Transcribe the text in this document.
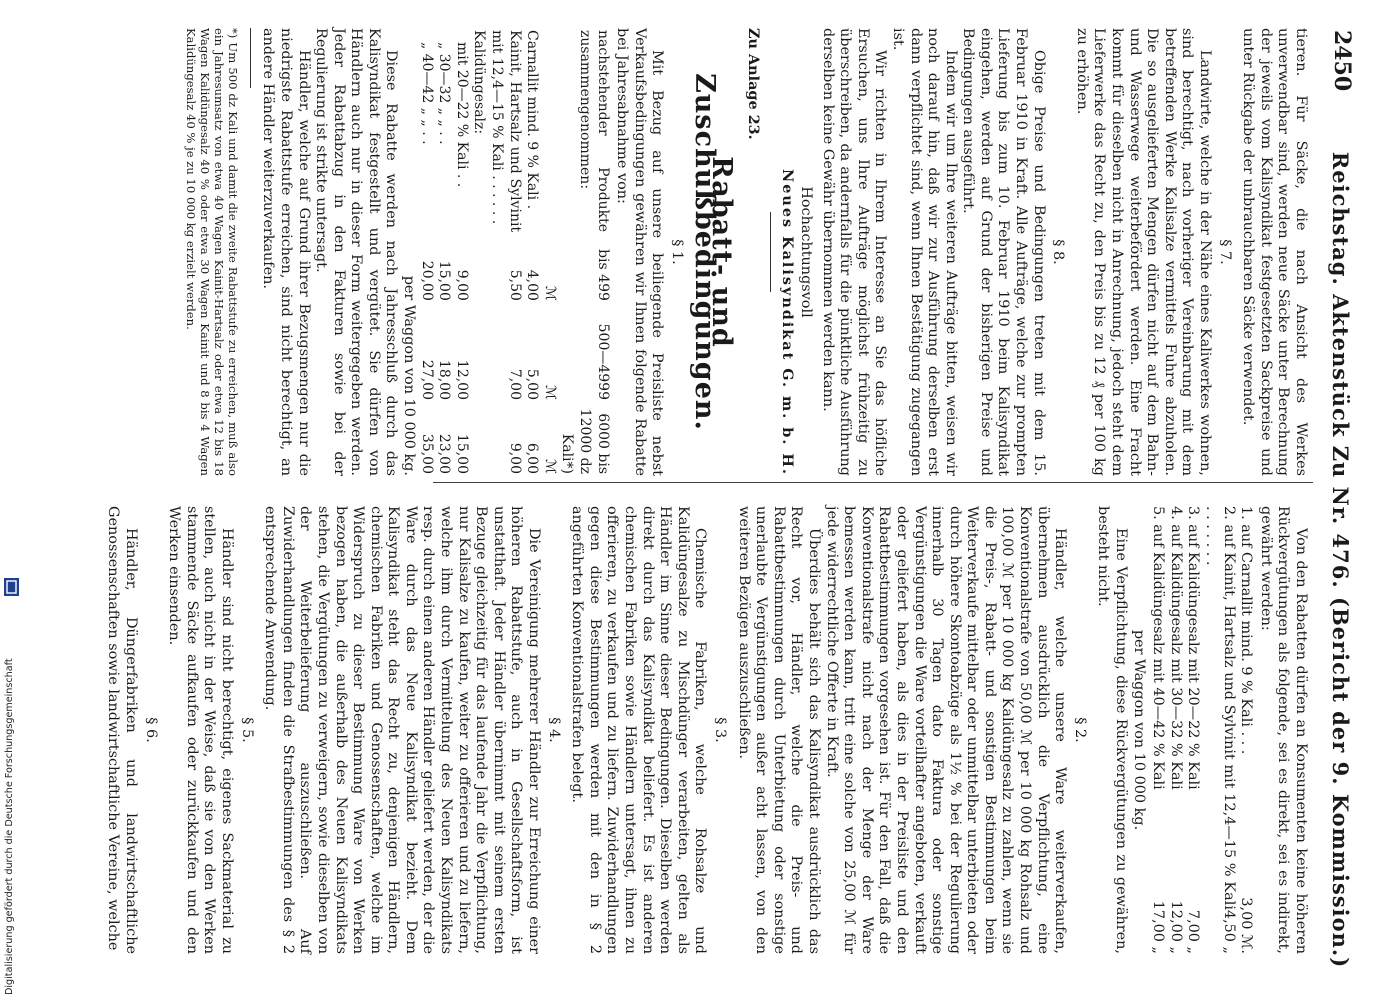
2450
Reichstag. Aktenstück Zu Nr. 476. (Bericht der 9. Kommission.)

tieren. Für Säcke, die nach Ansicht des Werkes unverwendbar sind, werden neue Säcke unter Berechnung der jeweils vom Kalisyndikat festgesetzten Sackpreise und unter Rückgabe der unbrauchbaren Säcke verwendet.

§ 7.

Landwirte, welche in der Nähe eines Kaliwerkes wohnen, sind berechtigt, nach vorheriger Vereinbarung mit dem betreffenden Werke Kalisalze vermittels Fuhre abzuholen. Die so ausgelieferten Mengen dürfen nicht auf dem Bahn- und Wasserwege weiterbefördert werden. Eine Fracht kommt für dieselben nicht in Anrechnung, jedoch steht dem Lieferwerke das Recht zu, den Preis bis zu 12 ₰ per 100 kg zu erhöhen.

§ 8.

Obige Preise und Bedingungen treten mit dem 15. Februar 1910 in Kraft. Alle Aufträge, welche zur prompten Lieferung bis zum 10. Februar 1910 beim Kalisyndikat eingehen, werden auf Grund der bisherigen Preise und Bedingungen ausgeführt.

Indem wir um Ihre weiteren Aufträge bitten, weisen wir noch darauf hin, daß wir zur Ausführung derselben erst dann verpflichtet sind, wenn Ihnen Bestätigung zugegangen ist.

Wir richten in Ihrem Interesse an Sie das höfliche Ersuchen, uns Ihre Aufträge möglichst frühzeitig zu überschreiben, da andernfalls für die pünktliche Ausführung derselben keine Gewähr übernommen werden kann.

Hochachtungsvoll

Neues Kalisyndikat G. m. b. H.

Zu Anlage 23.

Rabatt- und Zuschußbedingungen.

§ 1.

Mit Bezug auf unsere beiliegende Preisliste nebst Verkaufsbedingungen gewähren wir Ihnen folgende Rabatte bei Jahresabnahme von:

nachstehender Produkte zusammengenommen:	bis 499	500—4999	6000 bis 12000 dz Kali*)
	ℳ	ℳ	ℳ
Carnallit mind. 9 % Kali .	4,00	5,00	6,00
Kainit, Hartsalz und Sylvinit mit 12,4—15 % Kali . . . . . .	5,50	7,00	9,00
Kalidüngesalz:			
mit 20—22 % Kali . .	9,00	12,00	15,00
„ 30—32 „ „ . .	15,00	18,00	23,00
„ 40—42 „ „ . .	20,00	27,00	35,00

per Waggon von 10 000 kg.

Diese Rabatte werden nach Jahresschluß durch das Kalisyndikat festgestellt und vergütet. Sie dürfen von Händlern auch nur in dieser Form weitergegeben werden. Jeder Rabattabzug in den Fakturen sowie bei der Regulierung ist strikte untersagt.

Händler, welche auf Grund ihrer Bezugsmengen nur die niedrigste Rabattstufe erreichen, sind nicht berechtigt, an andere Händler weiterzuverkaufen.

*) Um 500 dz Kali und damit die zweite Rabattstufe zu erreichen, muß also ein Jahresumsatz von etwa 40 Wagen Kainit-Hartsalz oder etwa 12 bis 18 Wagen Kalidüngesalz 40 % oder etwa 30 Wagen Kainit und 8 bis 4 Wagen Kalidüngesalz 40 % je zu 10 000 kg erzielt werden.

Von den Rabatten dürfen an Konsumenten keine höheren Rückvergütungen als folgende, sei es direkt, sei es indirekt, gewährt werden:

1. auf Carnallit mind. 9 % Kali . . .
3,00 ℳ.
2. auf Kainit, Hartsalz und Sylvinit mit 12,4—15 % Kali . . . . . . .
4,50 „
3. auf Kalidüngesalz mit 20—22 % Kali
7,00 „
4. auf Kalidüngesalz mit 30—32 % Kali
12,00 „
5. auf Kalidüngesalz mit 40—42 % Kali
17,00 „

per Waggon von 10 000 kg.

Eine Verpflichtung, diese Rückvergütungen zu gewähren, besteht nicht.

§ 2.

Händler, welche unsere Ware weiterverkaufen, übernehmen ausdrücklich die Verpflichtung, eine Konventionalstrafe von 50,00 ℳ per 10 000 kg Rohsalz und 100,00 ℳ per 10 000 kg Kalidüngesalz zu zahlen, wenn sie die Preis-, Rabatt- und sonstigen Bestimmungen beim Weiterverkaufe mittelbar oder unmittelbar unterbieten oder durch höhere Skontoabzüge als 1½ % bei der Regulierung innerhalb 30 Tagen dato Faktura oder sonstige Vergünstigungen die Ware vorteilhafter angeboten, verkauft oder geliefert haben, als dies in der Preisliste und den Rabattbestimmungen vorgesehen ist. Für den Fall, daß die Konventionalstrafe nicht nach der Menge der Ware bemessen werden kann, tritt eine solche von 25,00 ℳ für jede widerrechtliche Offerte in Kraft.

Überdies behält sich das Kalisyndikat ausdrücklich das Recht vor, Händler, welche die Preis- und Rabattbestimmungen durch Unterbietung oder sonstige unerlaubte Vergünstigungen außer acht lassen, von den weiteren Bezügen auszuschließen.

§ 3.

Chemische Fabriken, welche Rohsalze und Kalidüngesalze zu Mischdünger verarbeiten, gelten als Händler im Sinne dieser Bedingungen. Dieselben werden direkt durch das Kalisyndikat beliefert. Es ist anderen chemischen Fabriken sowie Händlern untersagt, ihnen zu offerieren, zu verkaufen und zu liefern. Zuwiderhandlungen gegen diese Bestimmungen werden mit den in § 2 angeführten Konventionalstrafen belegt.

§ 4.

Die Vereinigung mehrerer Händler zur Erreichung einer höheren Rabattstufe, auch in Gesellschaftsform, ist unstatthaft. Jeder Händler übernimmt mit seinem ersten Bezuge gleichzeitig für das laufende Jahr die Verpflichtung, nur Kalisalze zu kaufen, weiter zu offerieren und zu liefern, welche ihm durch Vermittelung des Neuen Kalisyndikats resp. durch einen anderen Händler geliefert werden, der die Ware durch das Neue Kalisyndikat bezieht. Dem Kalisyndikat steht das Recht zu, denjenigen Händlern, chemischen Fabriken und Genossenschaften, welche im Widerspruch zu dieser Bestimmung Ware von Werken bezogen haben, die außerhalb des Neuen Kalisyndikats stehen, die Vergütungen zu verweigern, sowie dieselben von der Weiterbelieferung auszuschließen. Auf Zuwiderhandlungen finden die Strafbestimmungen des § 2 entsprechende Anwendung.

§ 5.

Händler sind nicht berechtigt, eigenes Sackmaterial zu stellen, auch nicht in der Weise, daß sie von den Werken stammende Säcke aufkaufen oder zurückkaufen und den Werken einsenden.

§ 6.

Händler, Düngerfabriken und landwirtschaftliche Genossenschaften sowie landwirtschaftliche Vereine, welche

Digitalisierung gefördert durch die Deutsche Forschungsgemeinschaft
